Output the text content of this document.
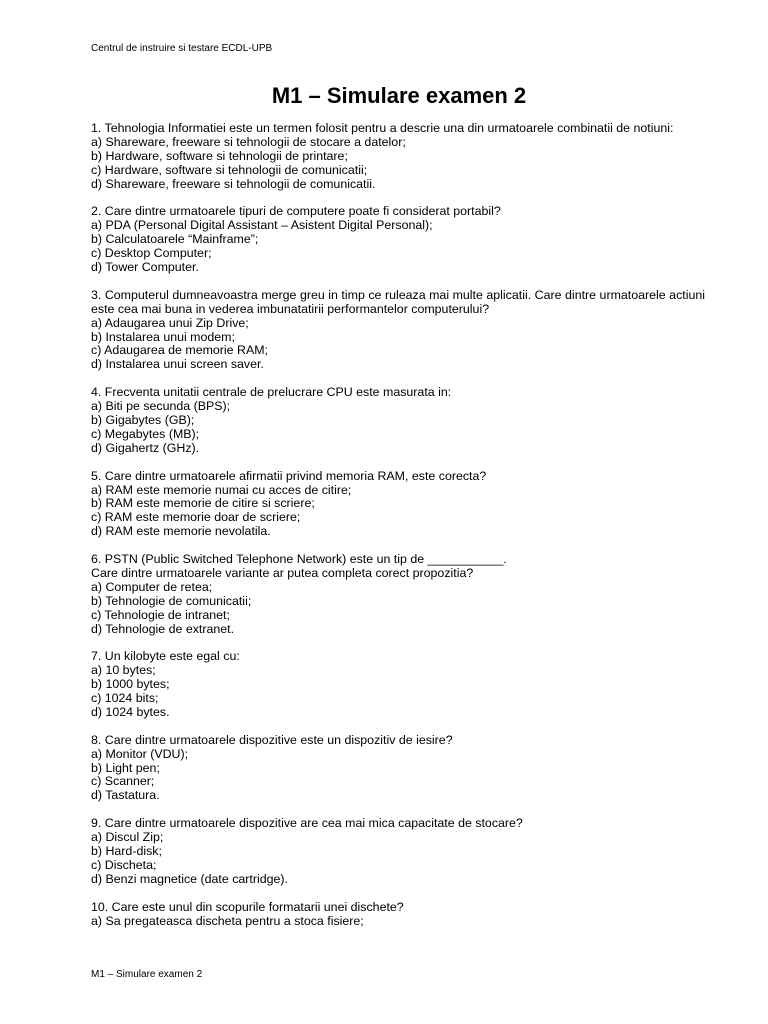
Centrul de instruire si testare ECDL-UPB
M1 – Simulare examen 2
1. Tehnologia Informatiei este un termen folosit pentru a descrie una din urmatoarele combinatii de notiuni:
a) Shareware, freeware si tehnologii de stocare a datelor;
b) Hardware, software si tehnologii de printare;
c) Hardware, software si tehnologii de comunicatii;
d) Shareware, freeware si tehnologii de comunicatii.
2. Care dintre urmatoarele tipuri de computere poate fi considerat portabil?
a) PDA (Personal Digital Assistant – Asistent Digital Personal);
b) Calculatoarele “Mainframe”;
c) Desktop Computer;
d) Tower Computer.
3. Computerul dumneavoastra merge greu in timp ce ruleaza mai multe aplicatii. Care dintre urmatoarele actiuni este cea mai buna in vederea imbunatatirii performantelor computerului?
a) Adaugarea unui Zip Drive;
b) Instalarea unui modem;
c) Adaugarea de memorie RAM;
d) Instalarea unui screen saver.
4. Frecventa unitatii centrale de prelucrare CPU este masurata in:
a) Biti pe secunda (BPS);
b) Gigabytes (GB);
c) Megabytes (MB);
d) Gigahertz (GHz).
5. Care dintre urmatoarele afirmatii privind memoria RAM, este corecta?
a) RAM este memorie numai cu acces de citire;
b) RAM este memorie de citire si scriere;
c) RAM este memorie doar de scriere;
d) RAM este memorie nevolatila.
6. PSTN (Public Switched Telephone Network) este un tip de ___________.
Care dintre urmatoarele variante ar putea completa corect propozitia?
a) Computer de retea;
b) Tehnologie de comunicatii;
c) Tehnologie de intranet;
d) Tehnologie de extranet.
7. Un kilobyte este egal cu:
a) 10 bytes;
b) 1000 bytes;
c) 1024 bits;
d) 1024 bytes.
8. Care dintre urmatoarele dispozitive este un dispozitiv de iesire?
a) Monitor (VDU);
b) Light pen;
c) Scanner;
d) Tastatura.
9. Care dintre urmatoarele dispozitive are cea mai mica capacitate de stocare?
a) Discul Zip;
b) Hard-disk;
c) Discheta;
d) Benzi magnetice (date cartridge).
10. Care este unul din scopurile formatarii unei dischete?
a) Sa pregateasca discheta pentru a stoca fisiere;
M1 – Simulare examen 2
